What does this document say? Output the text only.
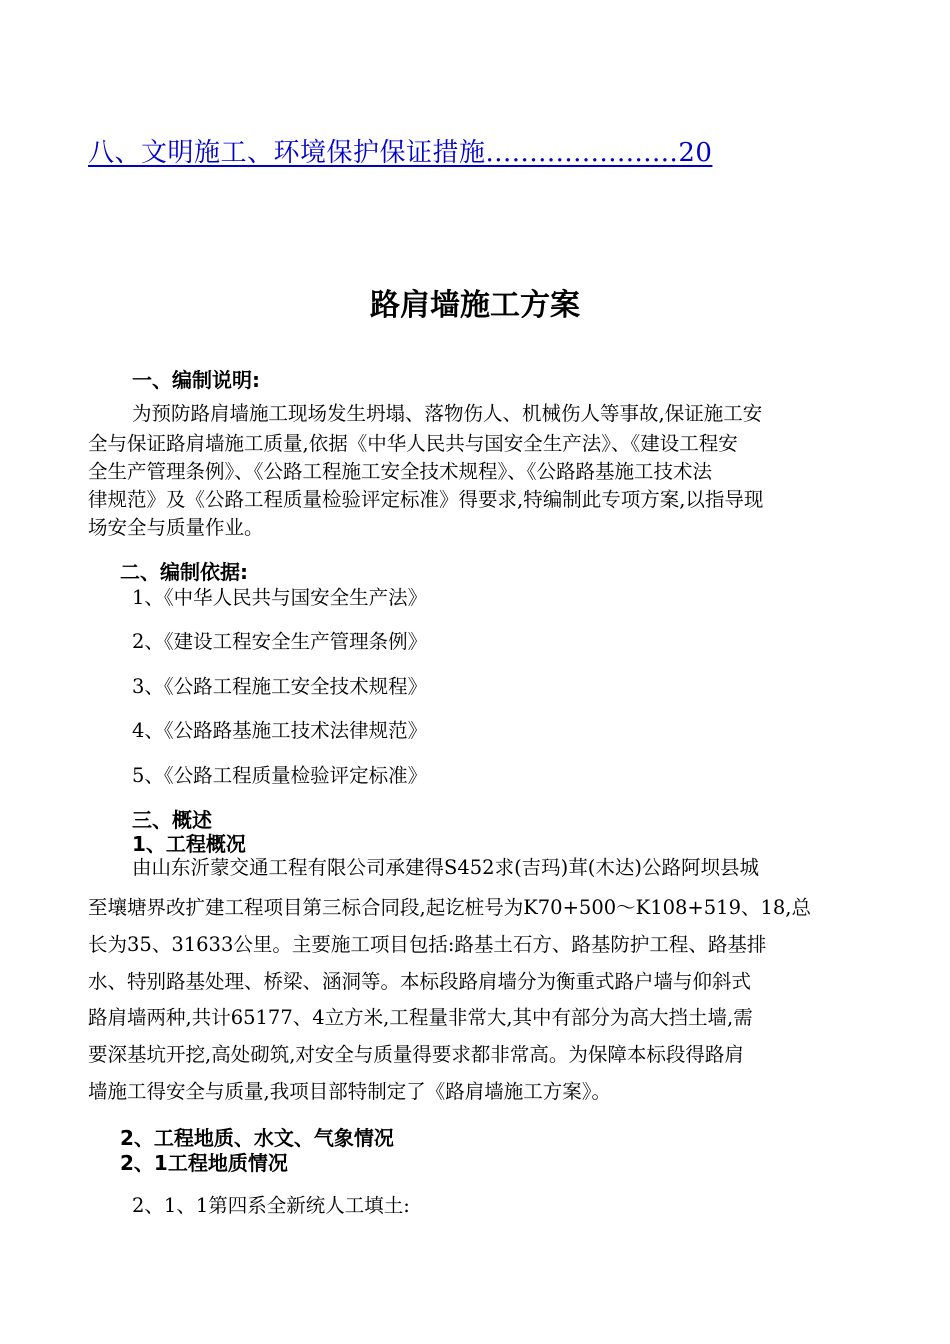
八、文明施工、环境保护保证措施......................20
路肩墙施工方案
一、编制说明:
为预防路肩墙施工现场发生坍塌、落物伤人、机械伤人等事故,保证施工安
全与保证路肩墙施工质量,依据《中华人民共与国安全生产法》、《建设工程安
全生产管理条例》、《公路工程施工安全技术规程》、《公路路基施工技术法
律规范》及《公路工程质量检验评定标准》得要求,特编制此专项方案,以指导现
场安全与质量作业。
二、编制依据:
1、《中华人民共与国安全生产法》
2、《建设工程安全生产管理条例》
3、《公路工程施工安全技术规程》
4、《公路路基施工技术法律规范》
5、《公路工程质量检验评定标准》
三、概述
1、工程概况
由山东沂蒙交通工程有限公司承建得S452求(吉玛)茸(木达)公路阿坝县城
至壤塘界改扩建工程项目第三标合同段,起讫桩号为K70+500～K108+519、18,总
长为35、31633公里。主要施工项目包括:路基土石方、路基防护工程、路基排
水、特别路基处理、桥梁、涵洞等。本标段路肩墙分为衡重式路户墙与仰斜式
路肩墙两种,共计65177、4立方米,工程量非常大,其中有部分为高大挡土墙,需
要深基坑开挖,高处砌筑,对安全与质量得要求都非常高。为保障本标段得路肩
墙施工得安全与质量,我项目部特制定了《路肩墙施工方案》。
2、工程地质、水文、气象情况
2、1工程地质情况
2、1、1第四系全新统人工填土:
